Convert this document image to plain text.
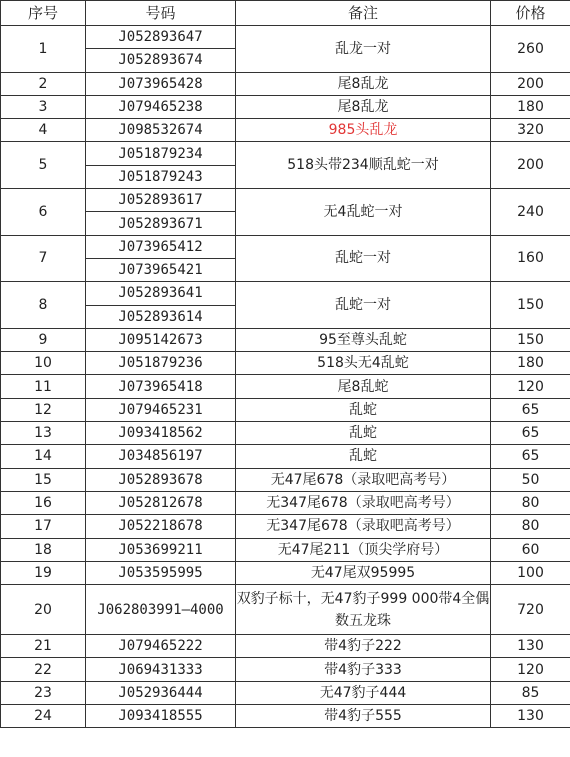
序号	号码	备注	价格
1	J052893647	乱龙一对	260
	J052893674		
2	J073965428	尾8乱龙	200
3	J079465238	尾8乱龙	180
4	J098532674	985头乱龙	320
5	J051879234	518头带234顺乱蛇一对	200
	J051879243		
6	J052893617	无4乱蛇一对	240
	J052893671		
7	J073965412	乱蛇一对	160
	J073965421		
8	J052893641	乱蛇一对	150
	J052893614		
9	J095142673	95至尊头乱蛇	150
10	J051879236	518头无4乱蛇	180
11	J073965418	尾8乱蛇	120
12	J079465231	乱蛇	65
13	J093418562	乱蛇	65
14	J034856197	乱蛇	65
15	J052893678	无47尾678（录取吧高考号）	50
16	J052812678	无347尾678（录取吧高考号）	80
17	J052218678	无347尾678（录取吧高考号）	80
18	J053699211	无47尾211（顶尖学府号）	60
19	J053595995	无47尾双95995	100
20	J062803991—4000	双豹子标十，无47豹子999 000带4全偶数五龙珠	720
21	J079465222	带4豹子222	130
22	J069431333	带4豹子333	120
23	J052936444	无47豹子444	85
24	J093418555	带4豹子555	130
